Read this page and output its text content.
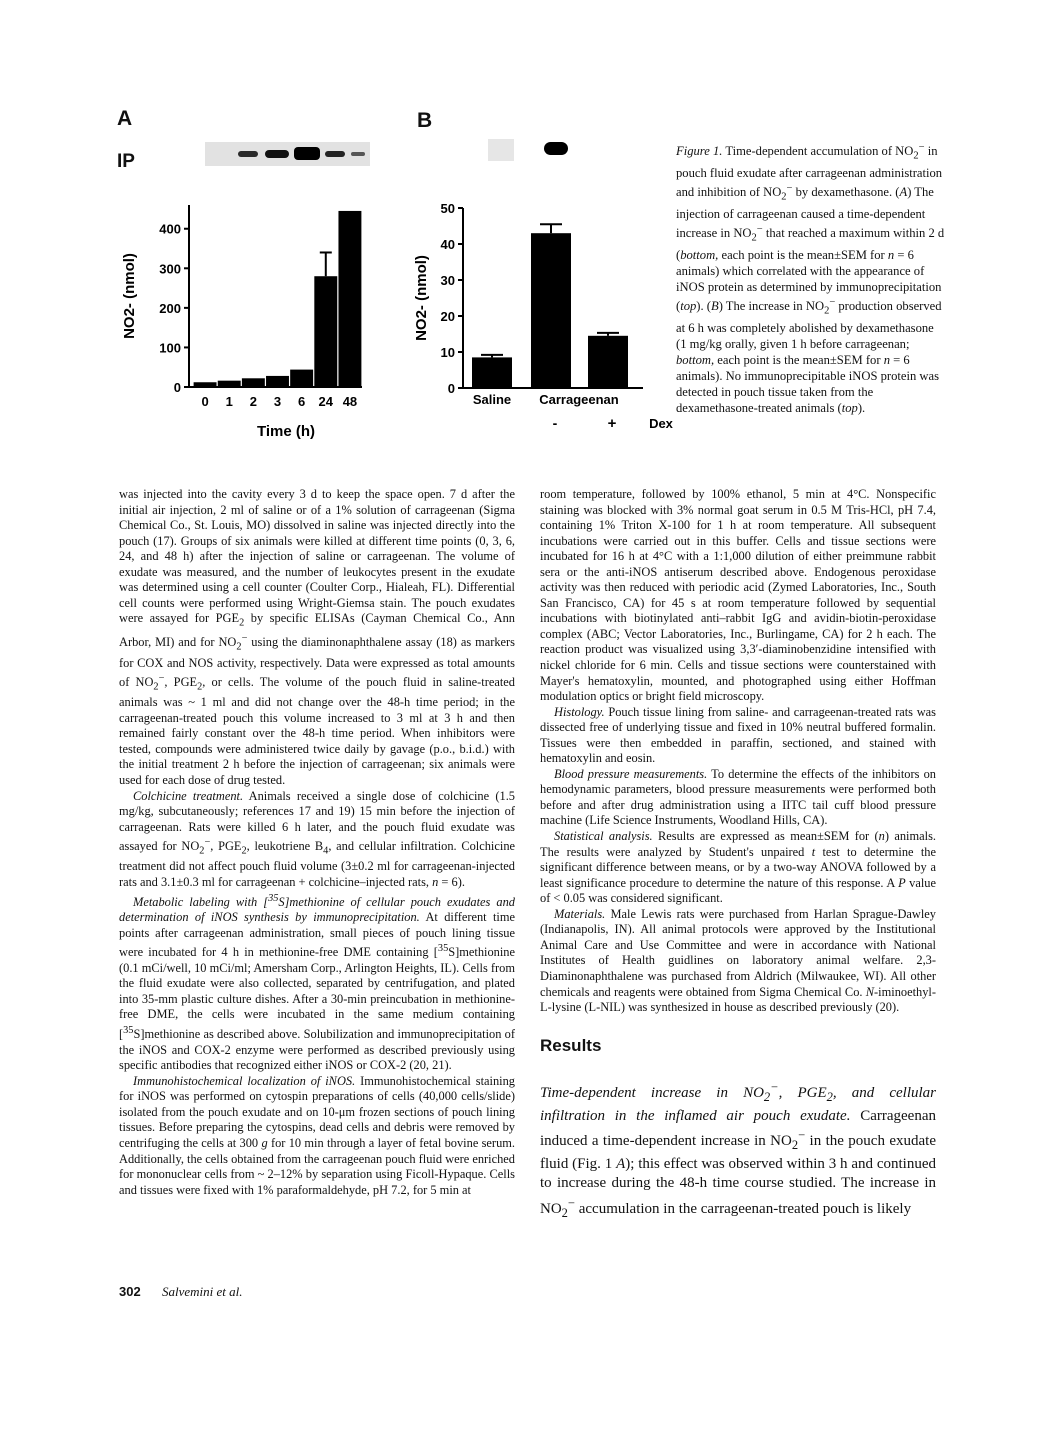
A	B
IP
0
100
200
300
400
0 1 2 3 6 24 48
Time (h)
NO2- (nmol)
0
10
20
30
40
50
Saline Carrageenan
-	+	Dex
NO2- (nmol)
Figure 1. Time-dependent accumulation of $NO_2^-$ in pouch fluid exudate after carrageenan administration and inhibition of $NO_2^-$ by dexamethasone. (A) The injection of carrageenan caused a time-dependent increase in $NO_2^-$ that reached a maximum within 2 d (bottom, each point is the mean±SEM for n = 6 animals) which correlated with the appearance of iNOS protein as determined by immunoprecipitation (top). (B) The increase in $NO_2^-$ production observed at 6 h was completely abolished by dexamethasone (1 mg/kg orally, given 1 h before carrageenan; bottom, each point is the mean±SEM for n = 6 animals). No immunoprecipitable iNOS protein was detected in pouch tissue taken from the dexamethasone-treated animals (top).

was injected into the cavity every 3 d to keep the space open. 7 d after the initial air injection, 2 ml of saline or of a 1% solution of carrageenan (Sigma Chemical Co., St. Louis, MO) dissolved in saline was injected directly into the pouch (17). Groups of six animals were killed at different time points (0, 3, 6, 24, and 48 h) after the injection of saline or carrageenan. The volume of exudate was measured, and the number of leukocytes present in the exudate was determined using a cell counter (Coulter Corp., Hialeah, FL). Differential cell counts were performed using Wright-Giemsa stain. The pouch exudates were assayed for $PGE_2$ by specific ELISAs (Cayman Chemical Co., Ann Arbor, MI) and for $NO_2^-$ using the diaminonaphthalene assay (18) as markers for COX and NOS activity, respectively. Data were expressed as total amounts of $NO_2^-$, $PGE_2$, or cells. The volume of the pouch fluid in saline-treated animals was ~ 1 ml and did not change over the 48-h time period; in the carrageenan-treated pouch this volume increased to 3 ml at 3 h and then remained fairly constant over the 48-h time period. When inhibitors were tested, compounds were administered twice daily by gavage (p.o., b.i.d.) with the initial treatment 2 h before the injection of carrageenan; six animals were used for each dose of drug tested.

Colchicine treatment. Animals received a single dose of colchicine (1.5 mg/kg, subcutaneously; references 17 and 19) 15 min before the injection of carrageenan. Rats were killed 6 h later, and the pouch fluid exudate was assayed for $NO_2^-$, $PGE_2$, leukotriene $B_4$, and cellular infiltration. Colchicine treatment did not affect pouch fluid volume (3±0.2 ml for carrageenan-injected rats and 3.1±0.3 ml for carrageenan + colchicine–injected rats, n = 6).

Metabolic labeling with [$^{35}$S]methionine of cellular pouch exudates and determination of iNOS synthesis by immunoprecipitation. At different time points after carrageenan administration, small pieces of pouch lining tissue were incubated for 4 h in methionine-free DME containing [$^{35}$S]methionine (0.1 mCi/well, 10 mCi/ml; Amersham Corp., Arlington Heights, IL). Cells from the fluid exudate were also collected, separated by centrifugation, and plated into 35-mm plastic culture dishes. After a 30-min preincubation in methionine-free DME, the cells were incubated in the same medium containing [$^{35}$S]methionine as described above. Solubilization and immunoprecipitation of the iNOS and COX-2 enzyme were performed as described previously using specific antibodies that recognized either iNOS or COX-2 (20, 21).

Immunohistochemical localization of iNOS. Immunohistochemical staining for iNOS was performed on cytospin preparations of cells (40,000 cells/slide) isolated from the pouch exudate and on 10-μm frozen sections of pouch lining tissues. Before preparing the cytospins, dead cells and debris were removed by centrifuging the cells at 300 g for 10 min through a layer of fetal bovine serum. Additionally, the cells obtained from the carrageenan pouch fluid were enriched for mononuclear cells from ~ 2–12% by separation using Ficoll-Hypaque. Cells and tissues were fixed with 1% paraformaldehyde, pH 7.2, for 5 min at

room temperature, followed by 100% ethanol, 5 min at 4°C. Nonspecific staining was blocked with 3% normal goat serum in 0.5 M Tris-HCl, pH 7.4, containing 1% Triton X-100 for 1 h at room temperature. All subsequent incubations were carried out in this buffer. Cells and tissue sections were incubated for 16 h at 4°C with a 1:1,000 dilution of either preimmune rabbit sera or the anti-iNOS antiserum described above. Endogenous peroxidase activity was then reduced with periodic acid (Zymed Laboratories, Inc., South San Francisco, CA) for 45 s at room temperature followed by sequential incubations with biotinylated anti–rabbit IgG and avidin-biotin-peroxidase complex (ABC; Vector Laboratories, Inc., Burlingame, CA) for 2 h each. The reaction product was visualized using 3,3′-diaminobenzidine intensified with nickel chloride for 6 min. Cells and tissue sections were counterstained with Mayer's hematoxylin, mounted, and photographed using either Hoffman modulation optics or bright field microscopy.

Histology. Pouch tissue lining from saline- and carrageenan-treated rats was dissected free of underlying tissue and fixed in 10% neutral buffered formalin. Tissues were then embedded in paraffin, sectioned, and stained with hematoxylin and eosin.

Blood pressure measurements. To determine the effects of the inhibitors on hemodynamic parameters, blood pressure measurements were performed both before and after drug administration using a IITC tail cuff blood pressure machine (Life Science Instruments, Woodland Hills, CA).

Statistical analysis. Results are expressed as mean±SEM for (n) animals. The results were analyzed by Student's unpaired t test to determine the significant difference between means, or by a two-way ANOVA followed by a least significance procedure to determine the nature of this response. A P value of < 0.05 was considered significant.

Materials. Male Lewis rats were purchased from Harlan Sprague-Dawley (Indianapolis, IN). All animal protocols were approved by the Institutional Animal Care and Use Committee and were in accordance with National Institutes of Health guidlines on laboratory animal welfare. 2,3-Diaminonaphthalene was purchased from Aldrich (Milwaukee, WI). All other chemicals and reagents were obtained from Sigma Chemical Co. N-iminoethyl-L-lysine (L-NIL) was synthesized in house as described previously (20).

Results

Time-dependent increase in $NO_2^-$, $PGE_2$, and cellular infiltration in the inflamed air pouch exudate. Carrageenan induced a time-dependent increase in $NO_2^-$ in the pouch exudate fluid (Fig. 1 A); this effect was observed within 3 h and continued to increase during the 48-h time course studied. The increase in $NO_2^-$ accumulation in the carrageenan-treated pouch is likely

302 Salvemini et al.
